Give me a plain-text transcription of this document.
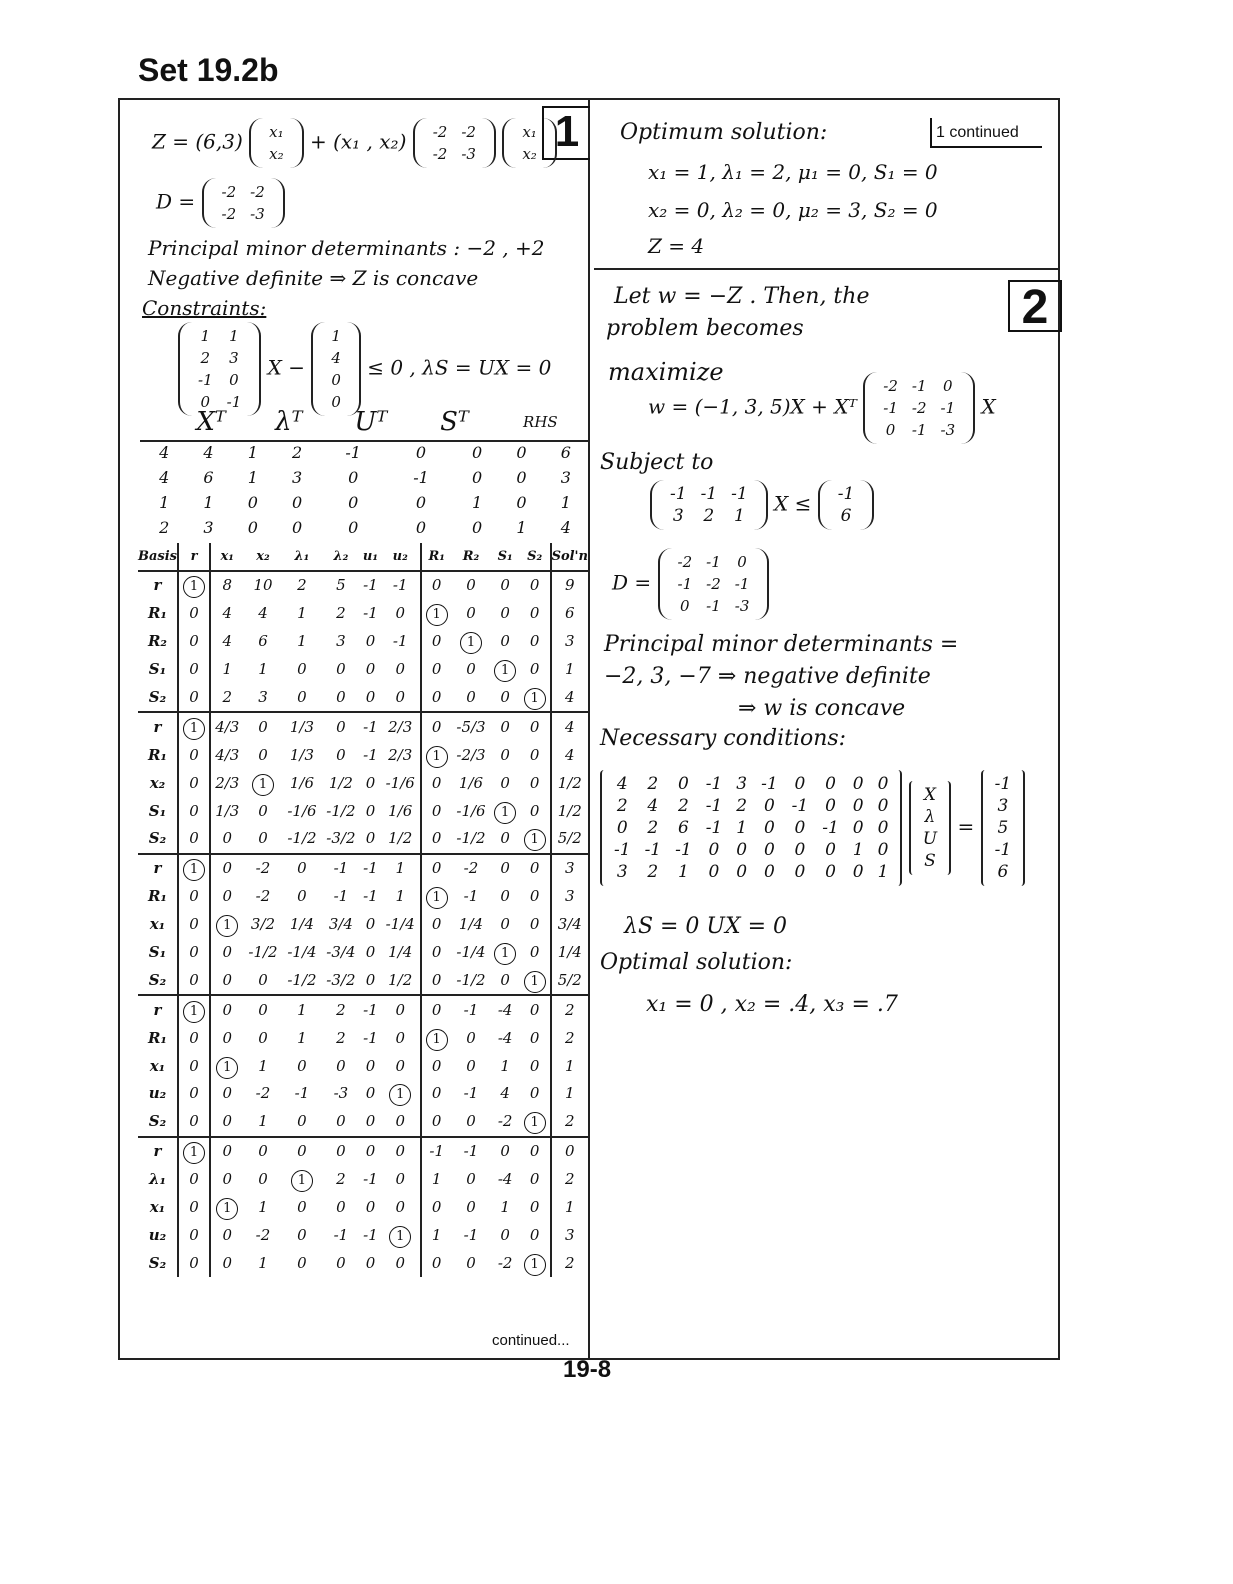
Set 19.2b
1
Z = (6,3) x₁
x₂
+ (x₁ , x₂) -2	-2
-2	-3

x₁
x₂
D = -2	-2
-2	-3
Principal minor determinants : −2 , +2
Negative definite ⇒ Z is concave
Constraints:
1	1
2	3
-1	0
0	-1
X −
1
4
0
0
≤ 0 , λS = UX = 0
Xᵀ	λᵀ	Uᵀ	Sᵀ	RHS
4	4	1	2	-1	0	0	0	6
4	6	1	3	0	-1	0	0	3
1	1	0	0	0	0	1	0	1
2	3	0	0	0	0	0	1	4
Basis	r	x₁	x₂	λ₁	λ₂	u₁	u₂	R₁	R₂	S₁	S₂	Sol'n
r	1	8	10	2	5	-1	-1	0	0	0	0	9
R₁	0	4	4	1	2	-1	0	1	0	0	0	6
R₂	0	4	6	1	3	0	-1	0	1	0	0	3
S₁	0	1	1	0	0	0	0	0	0	1	0	1
S₂	0	2	3	0	0	0	0	0	0	0	1	4
r	1	4/3	0	1/3	0	-1	2/3	0	-5/3	0	0	4
R₁	0	4/3	0	1/3	0	-1	2/3	1	-2/3	0	0	4
x₂	0	2/3	1	1/6	1/2	0	-1/6	0	1/6	0	0	1/2
S₁	0	1/3	0	-1/6	-1/2	0	1/6	0	-1/6	1	0	1/2
S₂	0	0	0	-1/2	-3/2	0	1/2	0	-1/2	0	1	5/2
r	1	0	-2	0	-1	-1	1	0	-2	0	0	3
R₁	0	0	-2	0	-1	-1	1	1	-1	0	0	3
x₁	0	1	3/2	1/4	3/4	0	-1/4	0	1/4	0	0	3/4
S₁	0	0	-1/2	-1/4	-3/4	0	1/4	0	-1/4	1	0	1/4
S₂	0	0	0	-1/2	-3/2	0	1/2	0	-1/2	0	1	5/2
r	1	0	0	1	2	-1	0	0	-1	-4	0	2
R₁	0	0	0	1	2	-1	0	1	0	-4	0	2
x₁	0	1	1	0	0	0	0	0	0	1	0	1
u₂	0	0	-2	-1	-3	0	1	0	-1	4	0	1
S₂	0	0	1	0	0	0	0	0	0	-2	1	2
r	1	0	0	0	0	0	0	-1	-1	0	0	0
λ₁	0	0	0	1	2	-1	0	1	0	-4	0	2
x₁	0	1	1	0	0	0	0	0	0	1	0	1
u₂	0	0	-2	0	-1	-1	1	1	-1	0	0	3
S₂	0	0	1	0	0	0	0	0	0	-2	1	2
continued...
1 continued
Optimum solution:
x₁ = 1, λ₁ = 2, μ₁ = 0, S₁ = 0
x₂ = 0, λ₂ = 0, μ₂ = 3, S₂ = 0
Z = 4
2
Let w = −Z . Then, the
problem becomes
maximize
w = (−1, 3, 5)X + Xᵀ
-2	-1	0
-1	-2	-1
0	-1	-3
X
Subject to
-1	-1	-1
3	2	1
X ≤ -1
6
D =
-2	-1	0
-1	-2	-1
0	-1	-3
Principal minor determinants =
−2, 3, −7 ⇒ negative definite
⇒ w is concave
Necessary conditions:
4	2	0	-1	3	-1	0	0	0	0
2	4	2	-1	2	0	-1	0	0	0
0	2	6	-1	1	0	0	-1	0	0
-1	-1	-1	0	0	0	0	0	1	0
3	2	1	0	0	0	0	0	0	1

X
λ
U
S
=
-1
3
5
-1
6
λS = 0 UX = 0
Optimal solution:
x₁ = 0 , x₂ = .4, x₃ = .7
19-8
